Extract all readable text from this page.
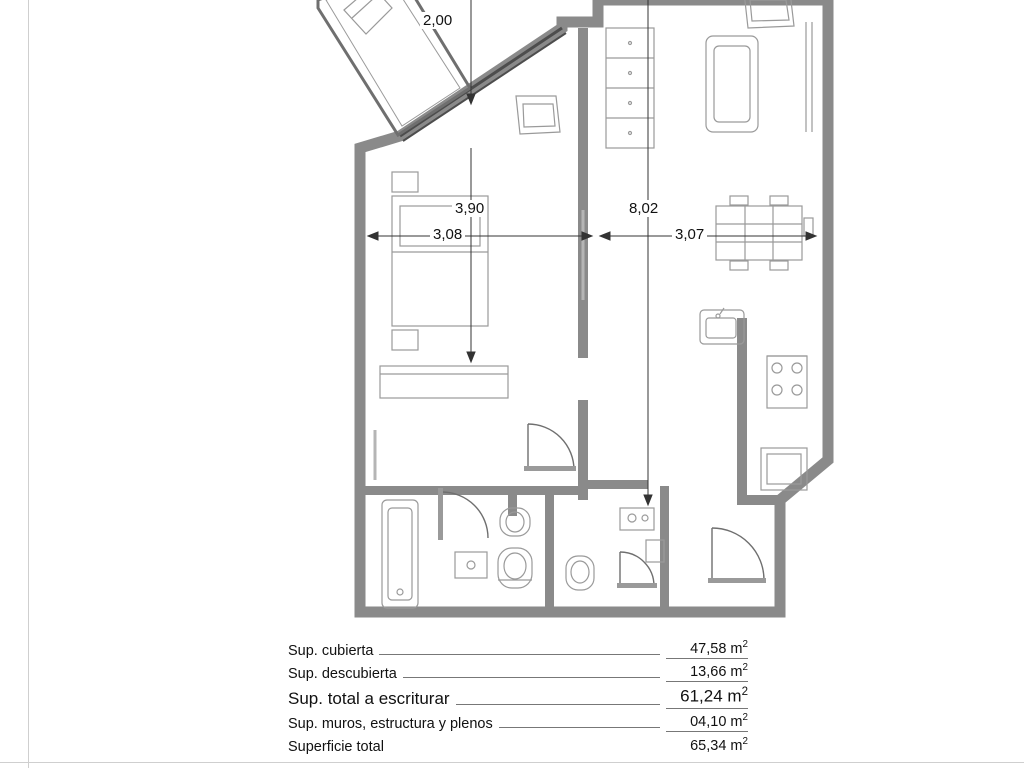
2,00
3,90
3,08
8,02
3,07
Sup. cubierta	47,58 $m^2$
Sup. descubierta	13,66 $m^2$
Sup. total a escriturar	61,24 $m^2$
Sup. muros, estructura y plenos	04,10 $m^2$
Superficie total	65,34 $m^2$
